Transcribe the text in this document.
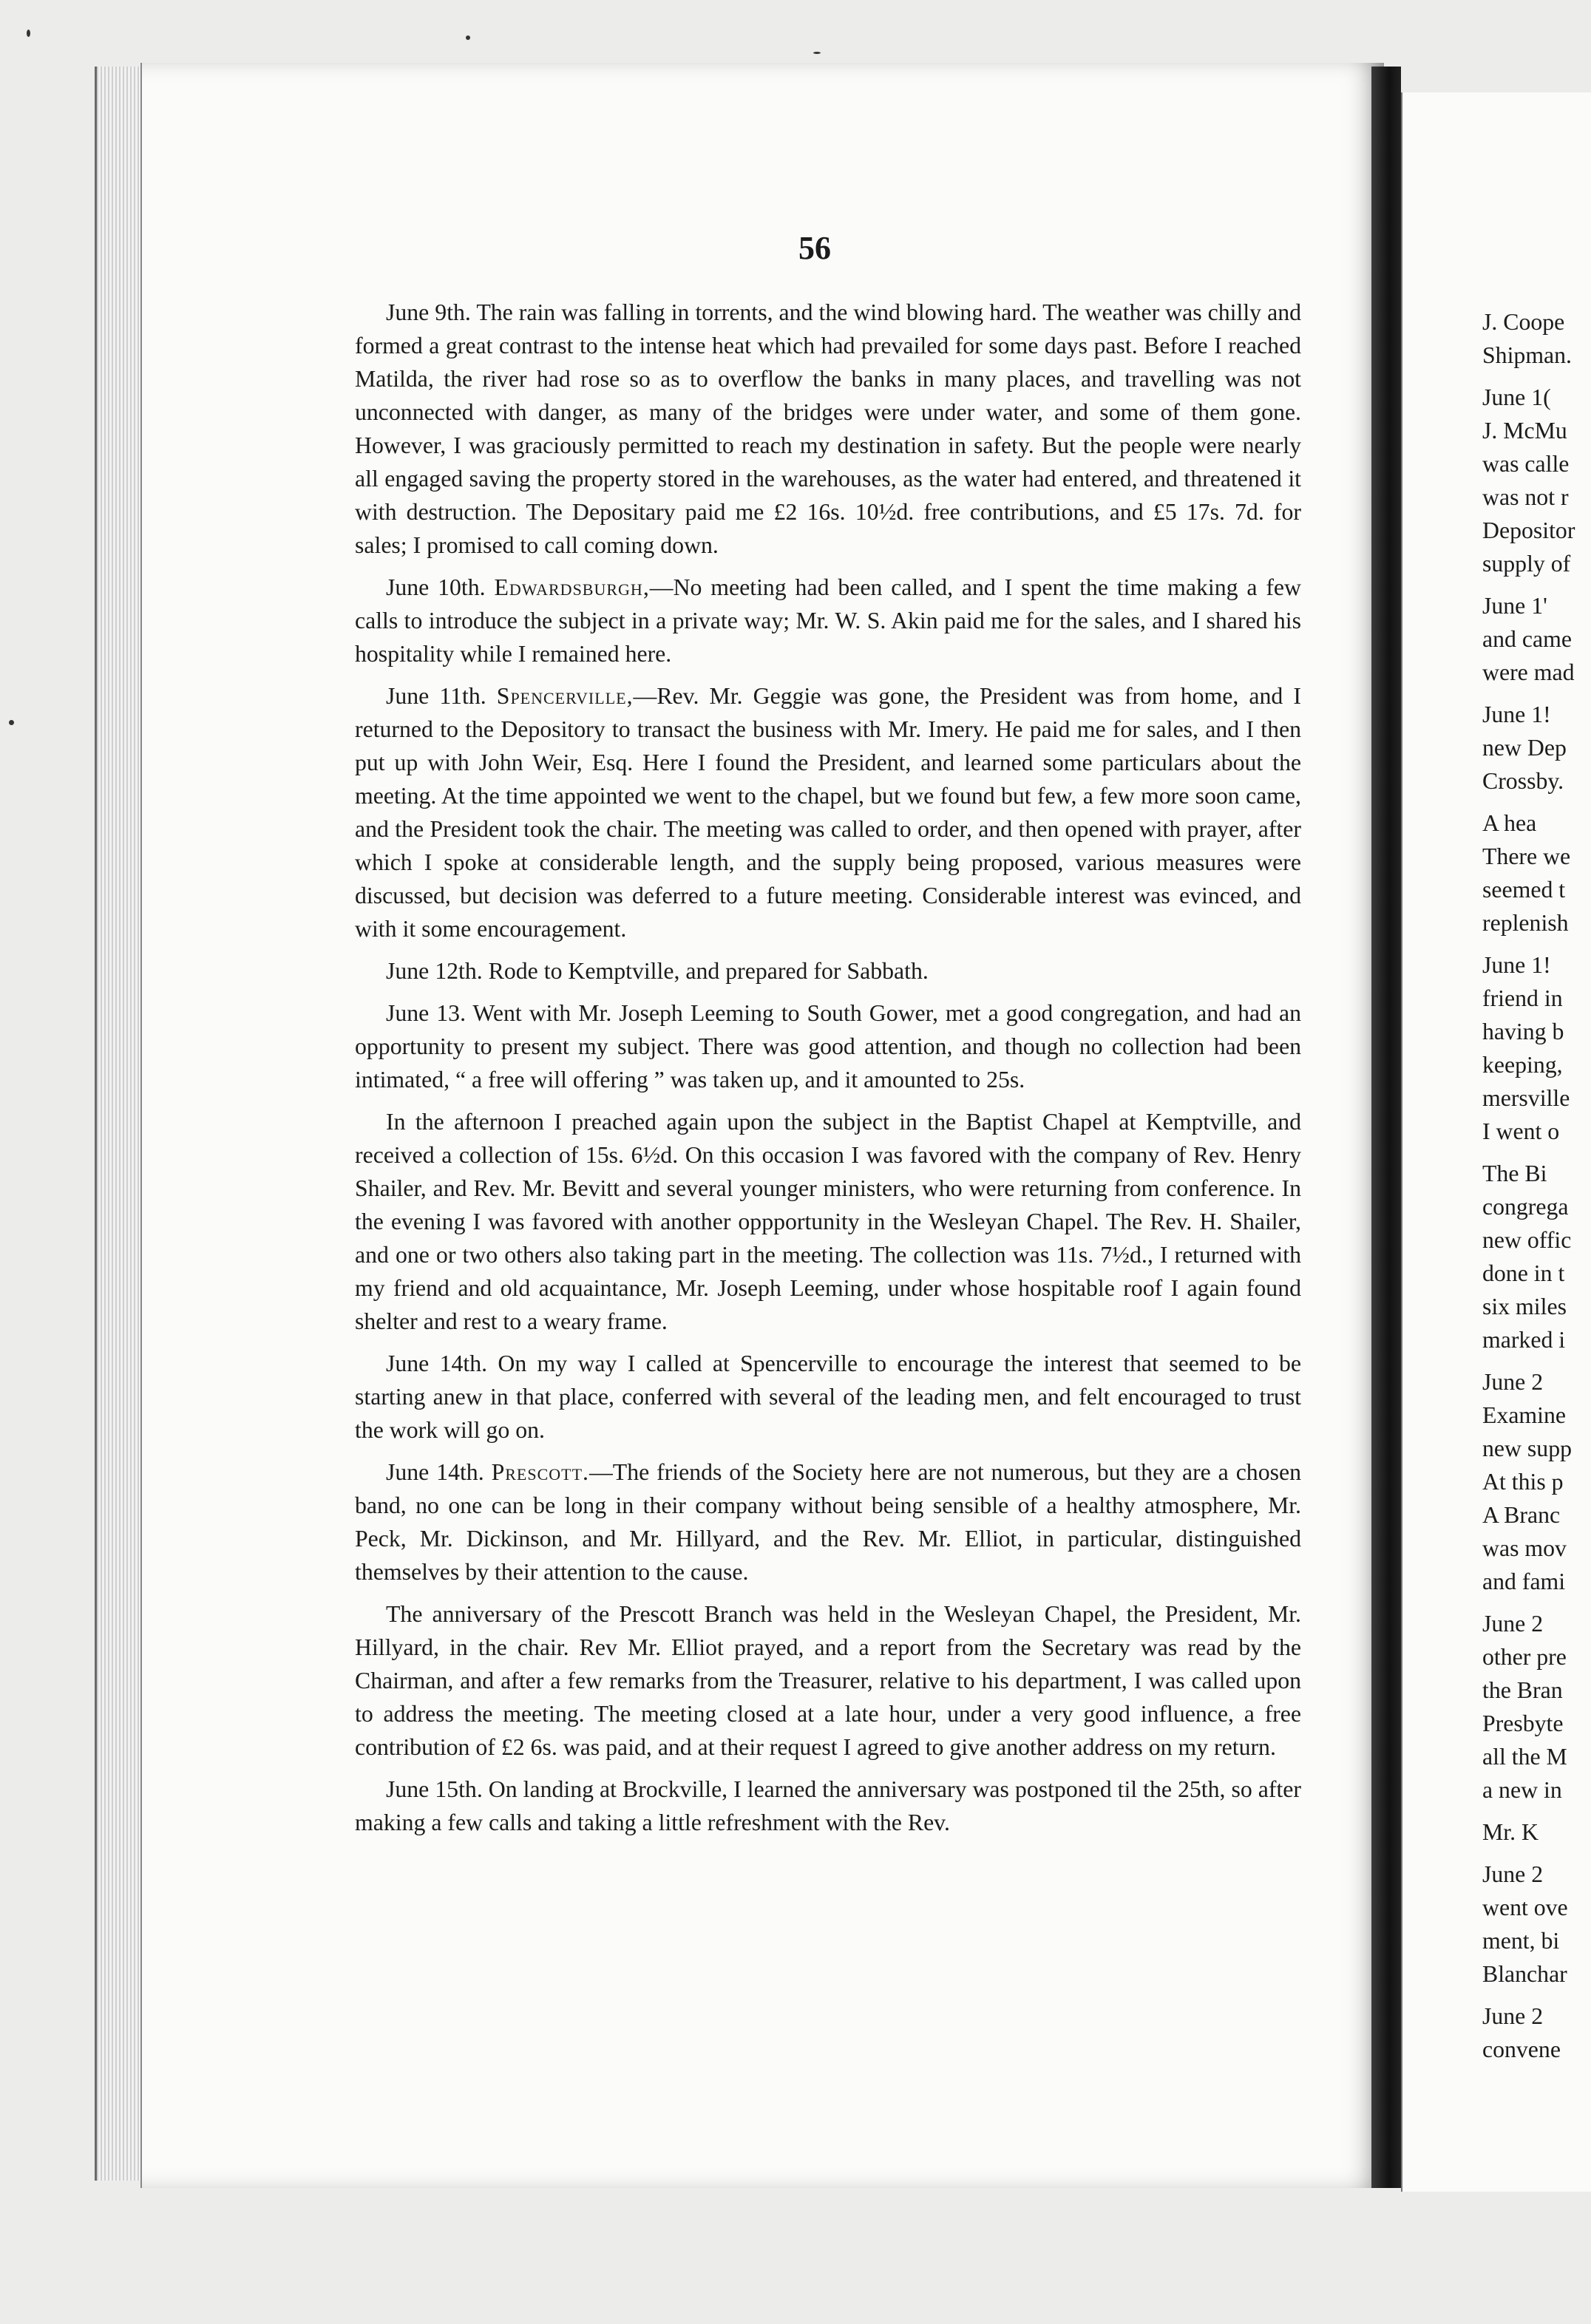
J. Coope
Shipman.
June 1(
J. McMu
was calle
was not r
Depositor
supply of
June 1'
and came
were mad
June 1!
new Dep
Crossby.
A hea
There we
seemed t
replenish
June 1!
friend in
having b
keeping,
mersville
I went o
The Bi
congrega
new offic
done in t
six miles
marked i
June 2
Examine
new supp
At this p
A Branc
was mov
and fami
June 2
other pre
the Bran
Presbyte
all the M
a new in
Mr. K
June 2
went ove
ment, bi
Blanchar
June 2
convene
56

June 9th. The rain was falling in torrents, and the wind blowing hard. The weather was chilly and formed a great contrast to the intense heat which had prevailed for some days past. Before I reached Matilda, the river had rose so as to overflow the banks in many places, and travelling was not unconnected with danger, as many of the bridges were under water, and some of them gone. However, I was graciously permitted to reach my destination in safety. But the people were nearly all engaged saving the property stored in the warehouses, as the water had entered, and threatened it with destruction. The Depositary paid me £2 16s. 10½d. free contributions, and £5 17s. 7d. for sales; I promised to call coming down.

June 10th. Edwardsburgh,—No meeting had been called, and I spent the time making a few calls to introduce the subject in a private way; Mr. W. S. Akin paid me for the sales, and I shared his hospitality while I remained here.

June 11th. Spencerville,—Rev. Mr. Geggie was gone, the President was from home, and I returned to the Depository to transact the business with Mr. Imery. He paid me for sales, and I then put up with John Weir, Esq. Here I found the President, and learned some particulars about the meeting. At the time appointed we went to the chapel, but we found but few, a few more soon came, and the President took the chair. The meeting was called to order, and then opened with prayer, after which I spoke at considerable length, and the supply being proposed, various measures were discussed, but decision was deferred to a future meeting. Considerable interest was evinced, and with it some encouragement.

June 12th. Rode to Kemptville, and prepared for Sabbath.

June 13. Went with Mr. Joseph Leeming to South Gower, met a good congregation, and had an opportunity to present my subject. There was good attention, and though no collection had been intimated, “ a free will offering ” was taken up, and it amounted to 25s.

In the afternoon I preached again upon the subject in the Baptist Chapel at Kemptville, and received a collection of 15s. 6½d. On this occasion I was favored with the company of Rev. Henry Shailer, and Rev. Mr. Bevitt and several younger ministers, who were returning from conference. In the evening I was favored with another oppportunity in the Wesleyan Chapel. The Rev. H. Shailer, and one or two others also taking part in the meeting. The collection was 11s. 7½d., I returned with my friend and old acquaintance, Mr. Joseph Leeming, under whose hospitable roof I again found shelter and rest to a weary frame.

June 14th. On my way I called at Spencerville to encourage the interest that seemed to be starting anew in that place, conferred with several of the leading men, and felt encouraged to trust the work will go on.

June 14th. Prescott.—The friends of the Society here are not numerous, but they are a chosen band, no one can be long in their company without being sensible of a healthy atmosphere, Mr. Peck, Mr. Dickinson, and Mr. Hillyard, and the Rev. Mr. Elliot, in particular, distinguished themselves by their attention to the cause.

The anniversary of the Prescott Branch was held in the Wesleyan Chapel, the President, Mr. Hillyard, in the chair. Rev Mr. Elliot prayed, and a report from the Secretary was read by the Chairman, and after a few remarks from the Treasurer, relative to his department, I was called upon to address the meeting. The meeting closed at a late hour, under a very good influence, a free contribution of £2 6s. was paid, and at their request I agreed to give another address on my return.

June 15th. On landing at Brockville, I learned the anniversary was postponed til the 25th, so after making a few calls and taking a little refreshment with the Rev.
